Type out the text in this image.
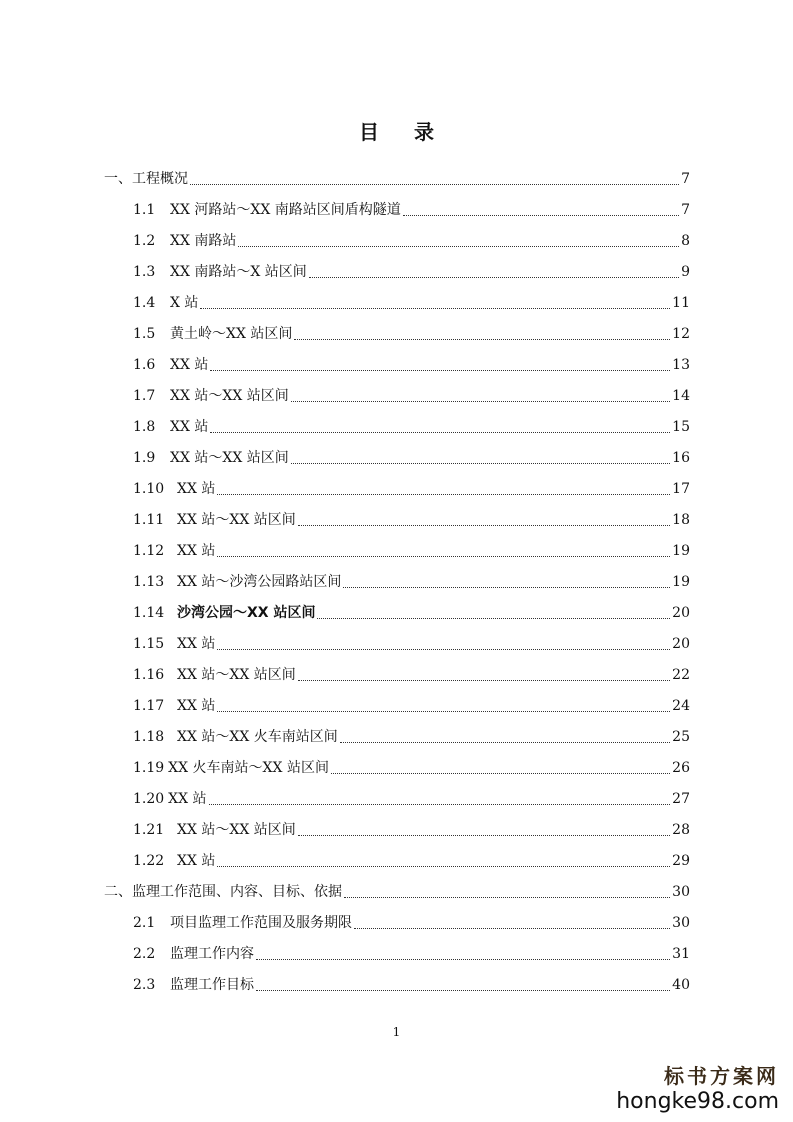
目 录
一、工程概况	7
1.1	XX 河路站～XX 南路站区间盾构隧道	7
1.2	XX 南路站	8
1.3	XX 南路站～X 站区间	9
1.4	X 站	11
1.5	黄土岭～XX 站区间	12
1.6	XX 站	13
1.7	XX 站～XX 站区间	14
1.8	XX 站	15
1.9	XX 站～XX 站区间	16
1.10 XX 站	17
1.11 XX 站～XX 站区间	18
1.12 XX 站	19
1.13 XX 站～沙湾公园路站区间	19
1.14 沙湾公园～XX 站区间	20
1.15 XX 站	20
1.16 XX 站～XX 站区间	22
1.17 XX 站	24
1.18 XX 站～XX 火车南站区间	25
1.19 XX 火车南站～XX 站区间	26
1.20 XX 站	27
1.21 XX 站～XX 站区间	28
1.22 XX 站	29
二、监理工作范围、内容、目标、依据	30
2.1	项目监理工作范围及服务期限	30
2.2	监理工作内容	31
2.3	监理工作目标	40
1
标书方案网
hongke98.com
